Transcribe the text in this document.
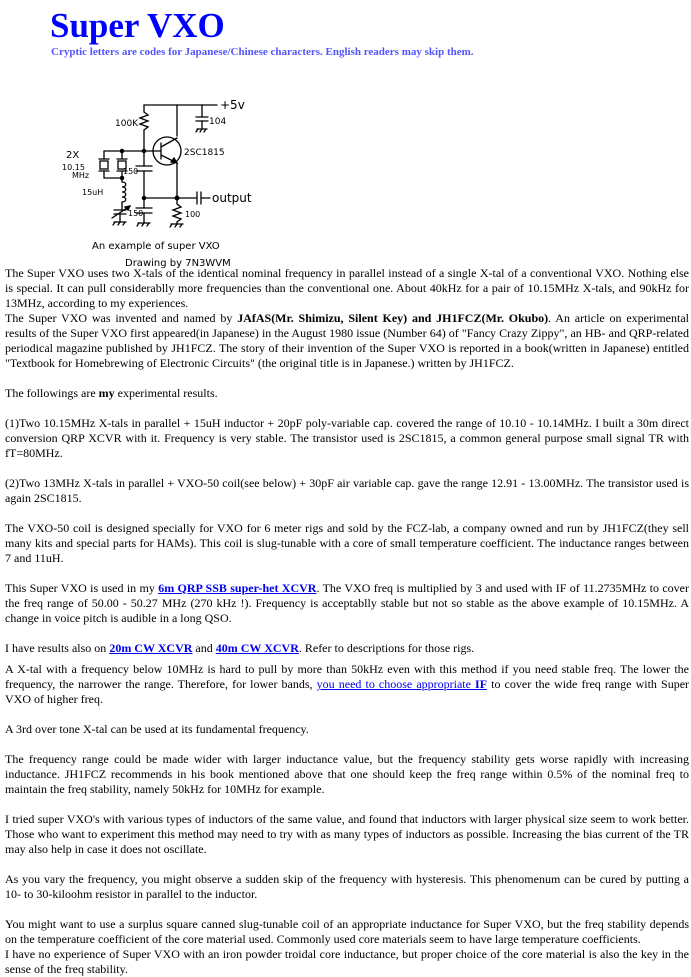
Super VXO

Cryptic letters are codes for Japanese/Chinese characters. English readers may skip them.

+5v
104
100K
2SC1815
2X
10.15
MHz
15uH
150
150	100
output
An example of super VXO
Drawing by 7N3WVM

The Super VXO uses two X-tals of the identical nominal frequency in parallel instead of a single X-tal of a conventional VXO. Nothing else is special. It can pull considerablly more frequencies than the conventional one. About 40kHz for a pair of 10.15MHz X-tals, and 90kHz for 13MHz, according to my experiences.

The Super VXO was invented and named by JAfAS(Mr. Shimizu, Silent Key) and JH1FCZ(Mr. Okubo). An article on experimental results of the Super VXO first appeared(in Japanese) in the August 1980 issue (Number 64) of "Fancy Crazy Zippy", an HB- and QRP-related periodical magazine published by JH1FCZ. The story of their invention of the Super VXO is reported in a book(written in Japanese) entitled "Textbook for Homebrewing of Electronic Circuits" (the original title is in Japanese.) written by JH1FCZ.

The followings are my experimental results.

(1)Two 10.15MHz X-tals in parallel + 15uH inductor + 20pF poly-variable cap. covered the range of 10.10 - 10.14MHz. I built a 30m direct conversion QRP XCVR with it. Frequency is very stable. The transistor used is 2SC1815, a common general purpose small signal TR with fT=80MHz.

(2)Two 13MHz X-tals in parallel + VXO-50 coil(see below) + 30pF air variable cap. gave the range 12.91 - 13.00MHz. The transistor used is again 2SC1815.

The VXO-50 coil is designed specially for VXO for 6 meter rigs and sold by the FCZ-lab, a company owned and run by JH1FCZ(they sell many kits and special parts for HAMs). This coil is slug-tunable with a core of small temperature coefficient. The inductance ranges between 7 and 11uH.

This Super VXO is used in my 6m QRP SSB super-het XCVR. The VXO freq is multiplied by 3 and used with IF of 11.2735MHz to cover the freq range of 50.00 - 50.27 MHz (270 kHz !). Frequency is acceptablly stable but not so stable as the above example of 10.15MHz. A change in voice pitch is audible in a long QSO.

I have results also on 20m CW XCVR and 40m CW XCVR. Refer to descriptions for those rigs.

A X-tal with a frequency below 10MHz is hard to pull by more than 50kHz even with this method if you need stable freq. The lower the frequency, the narrower the range. Therefore, for lower bands, you need to choose appropriate IF to cover the wide freq range with Super VXO of higher freq.

A 3rd over tone X-tal can be used at its fundamental frequency.

The frequency range could be made wider with larger inductance value, but the frequency stability gets worse rapidly with increasing inductance. JH1FCZ recommends in his book mentioned above that one should keep the freq range within 0.5% of the nominal freq to maintain the freq stability, namely 50kHz for 10MHz for example.

I tried super VXO's with various types of inductors of the same value, and found that inductors with larger physical size seem to work better. Those who want to experiment this method may need to try with as many types of inductors as possible. Increasing the bias current of the TR may also help in case it does not oscillate.

As you vary the frequency, you might observe a sudden skip of the frequency with hysteresis. This phenomenum can be cured by putting a 10- to 30-kiloohm resistor in parallel to the inductor.

You might want to use a surplus square canned slug-tunable coil of an appropriate inductance for Super VXO, but the freq stability depends on the temperature coefficient of the core material used. Commonly used core materials seem to have large temperature coefficients.

I have no experience of Super VXO with an iron powder troidal core inductance, but proper choice of the core material is also the key in the sense of the freq stability.
